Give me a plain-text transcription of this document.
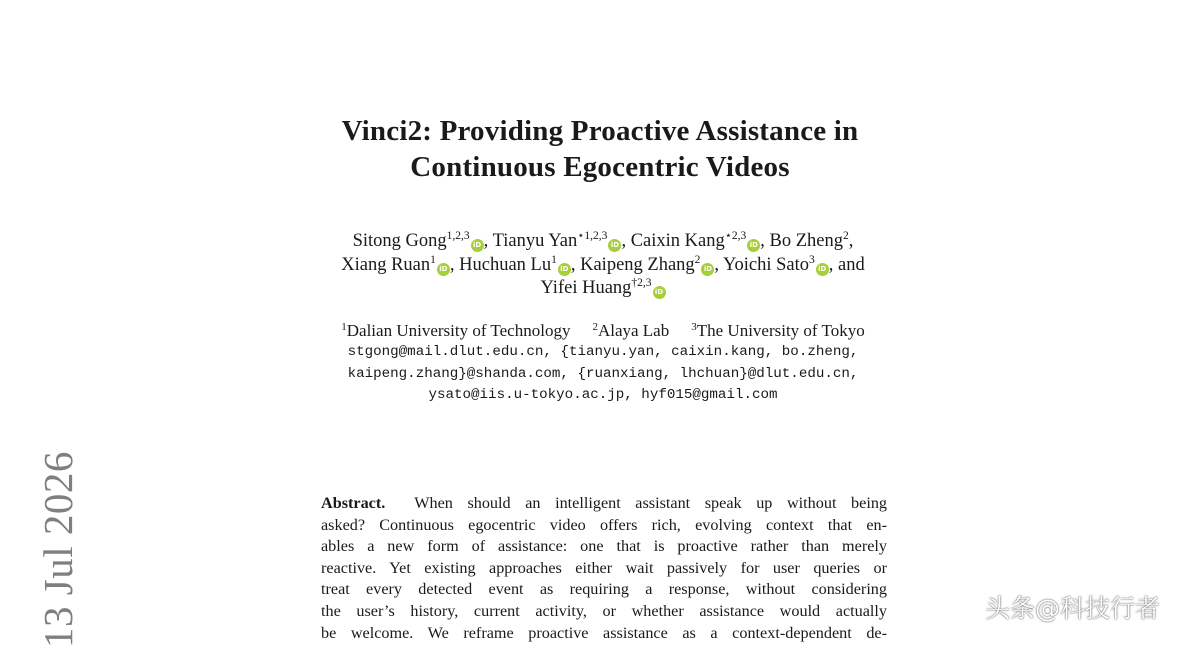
Vinci2: Providing Proactive Assistance in
Continuous Egocentric Videos
Sitong Gong$^{1,2,3}$iD , Tianyu Yan$^{⋆1,2,3}$iD , Caixin Kang$^{⋆2,3}$iD , Bo Zheng$^2$,
Xiang Ruan$^1$iD , Huchuan Lu$^1$iD , Kaipeng Zhang$^2$iD , Yoichi Sato$^3$iD , and
Yifei Huang$^{\dagger 2,3}$iD
$^1$Dalian University of Technology $^2$Alaya Lab $^3$The University of Tokyo
stgong@mail.dlut.edu.cn, {tianyu.yan, caixin.kang, bo.zheng,
kaipeng.zhang}@shanda.com, {ruanxiang, lhchuan}@dlut.edu.cn,
ysato@iis.u-tokyo.ac.jp, hyf015@gmail.com
Abstract. When should an intelligent assistant speak up without being
asked? Continuous egocentric video offers rich, evolving context that en-
ables a new form of assistance: one that is proactive rather than merely
reactive. Yet existing approaches either wait passively for user queries or
treat every detected event as requiring a response, without considering
the user’s history, current activity, or whether assistance would actually
be welcome. We reframe proactive assistance as a context-dependent de-
13 Jul 2026	头条@科技行者
